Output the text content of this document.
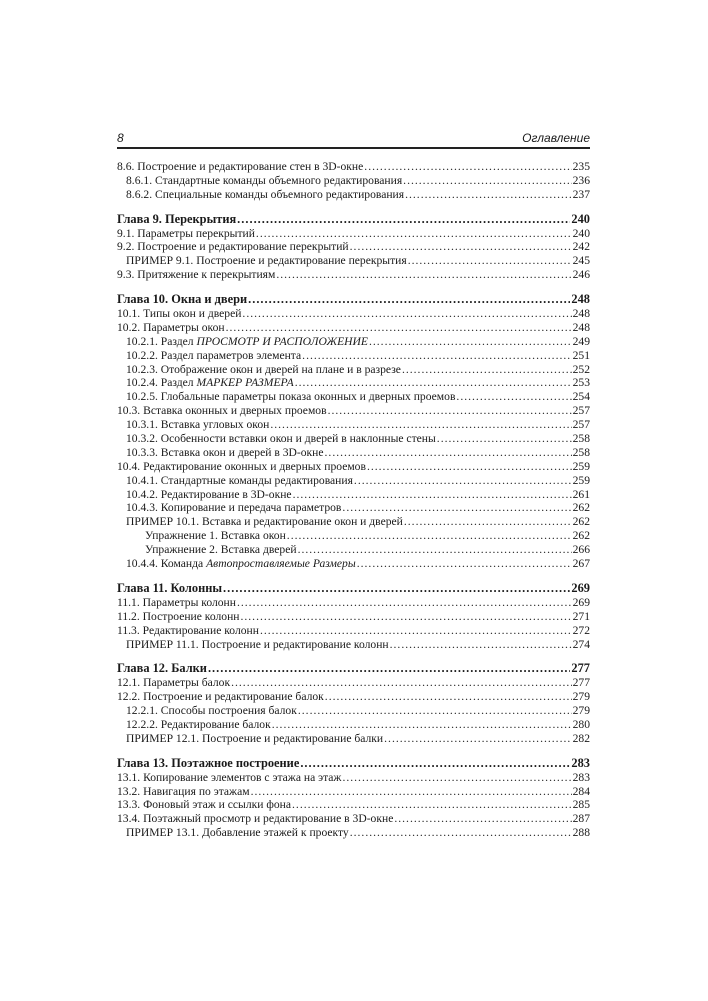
8	Оглавление
8.6. Построение и редактирование стен в 3D-окне .....	235
8.6.1. Стандартные команды объемного редактирования .....	236
8.6.2. Специальные команды объемного редактирования .....	237
Глава 9. Перекрытия .....	240
9.1. Параметры перекрытий .....	240
9.2. Построение и редактирование перекрытий .....	242
ПРИМЕР 9.1. Построение и редактирование перекрытия .....	245
9.3. Притяжение к перекрытиям .....	246
Глава 10. Окна и двери .....	248
10.1. Типы окон и дверей .....	248
10.2. Параметры окон .....	248
10.2.1. Раздел ПРОСМОТР И РАСПОЛОЖЕНИЕ .....	249
10.2.2. Раздел параметров элемента .....	251
10.2.3. Отображение окон и дверей на плане и в разрезе .....	252
10.2.4. Раздел МАРКЕР РАЗМЕРА .....	253
10.2.5. Глобальные параметры показа оконных и дверных проемов .....	254
10.3. Вставка оконных и дверных проемов .....	257
10.3.1. Вставка угловых окон .....	257
10.3.2. Особенности вставки окон и дверей в наклонные стены .....	258
10.3.3. Вставка окон и дверей в 3D-окне .....	258
10.4. Редактирование оконных и дверных проемов .....	259
10.4.1. Стандартные команды редактирования .....	259
10.4.2. Редактирование в 3D-окне .....	261
10.4.3. Копирование и передача параметров .....	262
ПРИМЕР 10.1. Вставка и редактирование окон и дверей .....	262
Упражнение 1. Вставка окон .....	262
Упражнение 2. Вставка дверей .....	266
10.4.4. Команда Автопроставляемые Размеры .....	267
Глава 11. Колонны .....	269
11.1. Параметры колонн .....	269
11.2. Построение колонн .....	271
11.3. Редактирование колонн .....	272
ПРИМЕР 11.1. Построение и редактирование колонн .....	274
Глава 12. Балки .....	277
12.1. Параметры балок .....	277
12.2. Построение и редактирование балок .....	279
12.2.1. Способы построения балок .....	279
12.2.2. Редактирование балок .....	280
ПРИМЕР 12.1. Построение и редактирование балки .....	282
Глава 13. Поэтажное построение .....	283
13.1. Копирование элементов с этажа на этаж .....	283
13.2. Навигация по этажам .....	284
13.3. Фоновый этаж и ссылки фона .....	285
13.4. Поэтажный просмотр и редактирование в 3D-окне .....	287
ПРИМЕР 13.1. Добавление этажей к проекту .....	288
